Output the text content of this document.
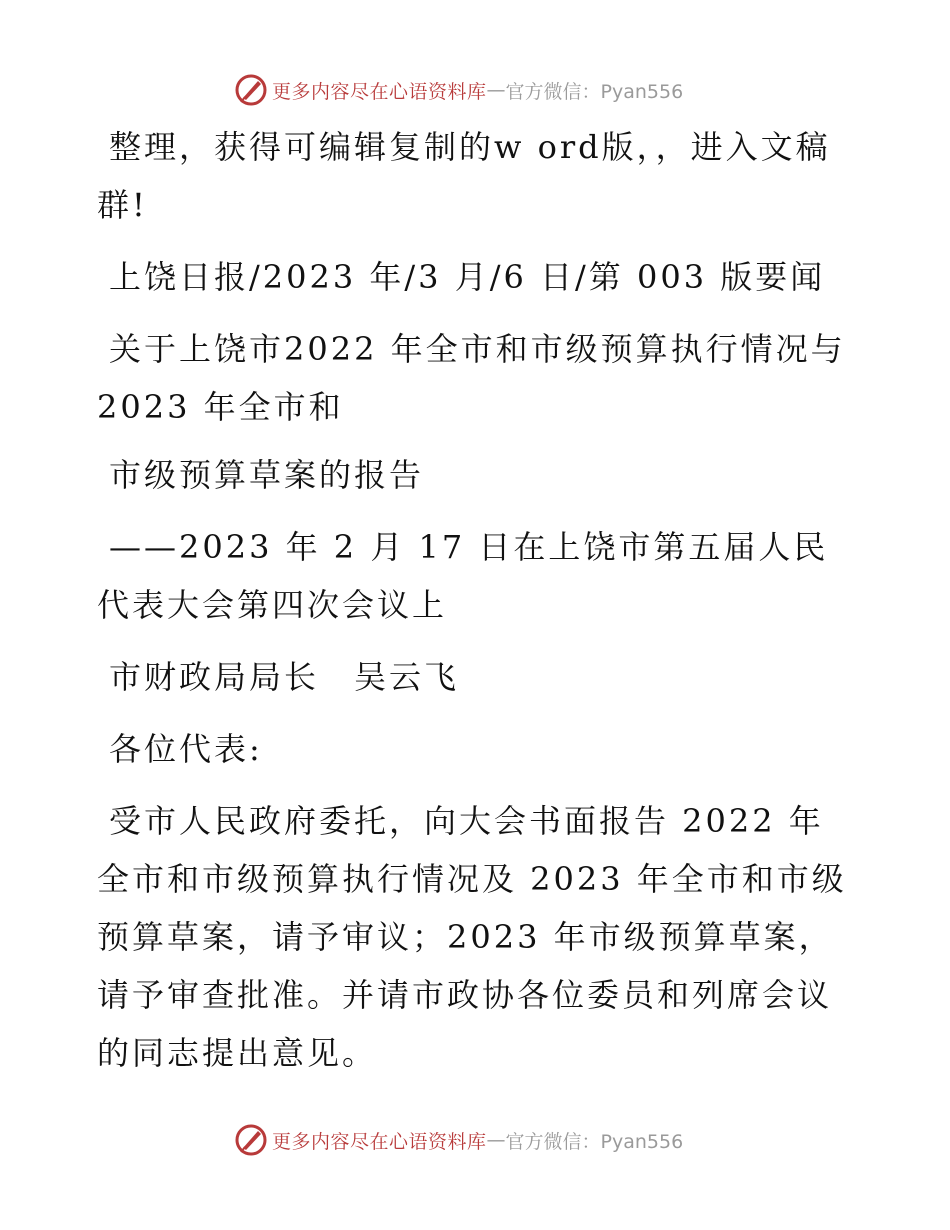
更多内容尽在心语资料库 — 官方微信：Pyan556

整理，获得可编辑复制的w ord版，，进入文稿群!

上饶日报/2023 年/3 月/6 日/第 003 版要闻

关于上饶市2022 年全市和市级预算执行情况与2023 年全市和

市级预算草案的报告

——2023 年 2 月 17 日在上饶市第五届人民代表大会第四次会议上

市财政局局长　吴云飞

各位代表:

受市人民政府委托，向大会书面报告 2022 年全市和市级预算执行情况及 2023 年全市和市级预算草案，请予审议；2023 年市级预算草案，请予审查批准。并请市政协各位委员和列席会议的同志提出意见。

更多内容尽在心语资料库 — 官方微信：Pyan556
